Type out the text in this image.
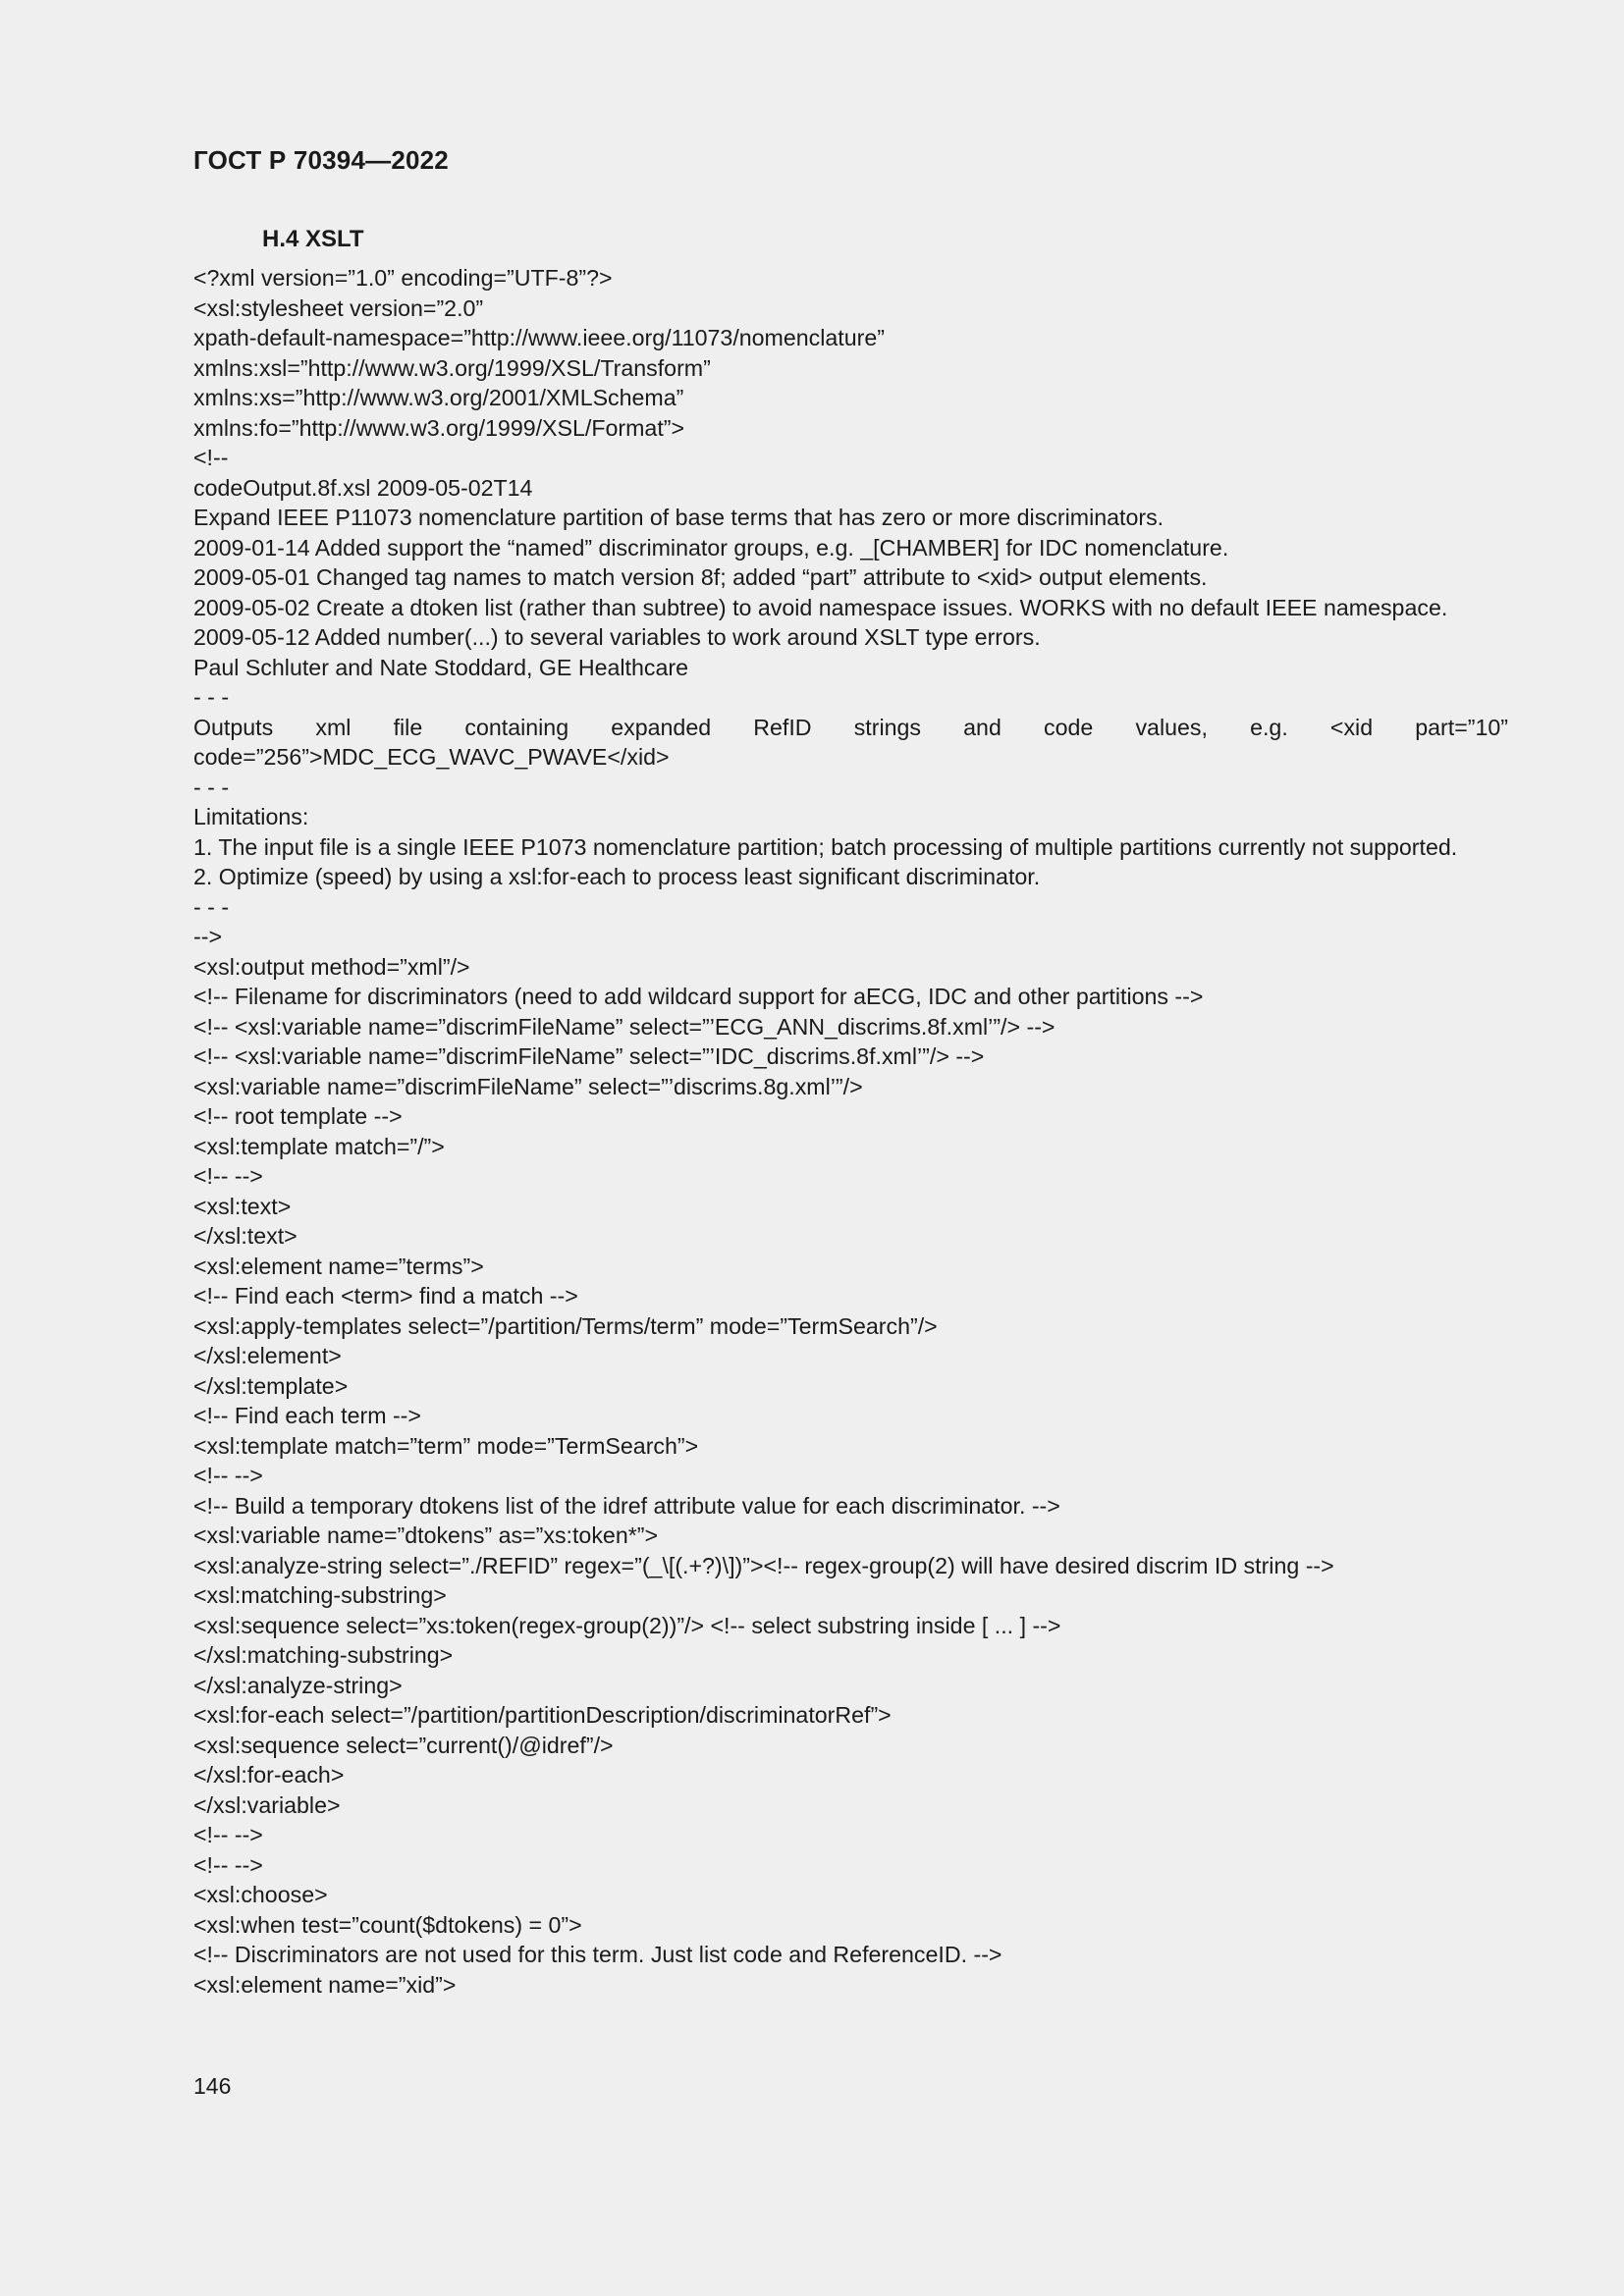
ГОСТ Р 70394—2022
H.4 XSLT
<?xml version=”1.0” encoding=”UTF-8”?>
<xsl:stylesheet version=”2.0”
xpath-default-namespace=”http://www.ieee.org/11073/nomenclature”
xmlns:xsl=”http://www.w3.org/1999/XSL/Transform”
xmlns:xs=”http://www.w3.org/2001/XMLSchema”
xmlns:fo=”http://www.w3.org/1999/XSL/Format”>
<!--
codeOutput.8f.xsl 2009-05-02T14
Expand IEEE P11073 nomenclature partition of base terms that has zero or more discriminators.
2009-01-14 Added support the “named” discriminator groups, e.g. _[CHAMBER] for IDC nomenclature.
2009-05-01 Changed tag names to match version 8f; added “part” attribute to <xid> output elements.
2009-05-02 Create a dtoken list (rather than subtree) to avoid namespace issues. WORKS with no default IEEE namespace.
2009-05-12 Added number(...) to several variables to work around XSLT type errors.
Paul Schluter and Nate Stoddard, GE Healthcare
- - -
Outputs xml file containing expanded RefID strings and code values, e.g. <xid part=”10” code=”256”>MDC_ECG_WAVC_PWAVE</xid>
- - -
Limitations:
1. The input file is a single IEEE P1073 nomenclature partition; batch processing of multiple partitions currently not supported.
2. Optimize (speed) by using a xsl:for-each to process least significant discriminator.
- - -
-->
<xsl:output method=”xml”/>
<!-- Filename for discriminators (need to add wildcard support for aECG, IDC and other partitions -->
<!-- <xsl:variable name=”discrimFileName” select=”’ECG_ANN_discrims.8f.xml’”/> -->
<!-- <xsl:variable name=”discrimFileName” select=”’IDC_discrims.8f.xml’”/> -->
<xsl:variable name=”discrimFileName” select=”’discrims.8g.xml’”/>
<!-- root template -->
<xsl:template match=”/”>
<!-- -->
<xsl:text>
</xsl:text>
<xsl:element name=”terms”>
<!-- Find each <term> find a match -->
<xsl:apply-templates select=”/partition/Terms/term” mode=”TermSearch”/>
</xsl:element>
</xsl:template>
<!-- Find each term -->
<xsl:template match=”term” mode=”TermSearch”>
<!-- -->
<!-- Build a temporary dtokens list of the idref attribute value for each discriminator. -->
<xsl:variable name=”dtokens” as=”xs:token*”>
<xsl:analyze-string select=”./REFID” regex=”(_\[(.+?)\])”><!-- regex-group(2) will have desired discrim ID string -->
<xsl:matching-substring>
<xsl:sequence select=”xs:token(regex-group(2))”/> <!-- select substring inside [ ... ] -->
</xsl:matching-substring>
</xsl:analyze-string>
<xsl:for-each select=”/partition/partitionDescription/discriminatorRef”>
<xsl:sequence select=”current()/@idref”/>
</xsl:for-each>
</xsl:variable>
<!-- -->
<!-- -->
<xsl:choose>
<xsl:when test=”count($dtokens) = 0”>
<!-- Discriminators are not used for this term. Just list code and ReferenceID. -->
<xsl:element name=”xid”>
146
